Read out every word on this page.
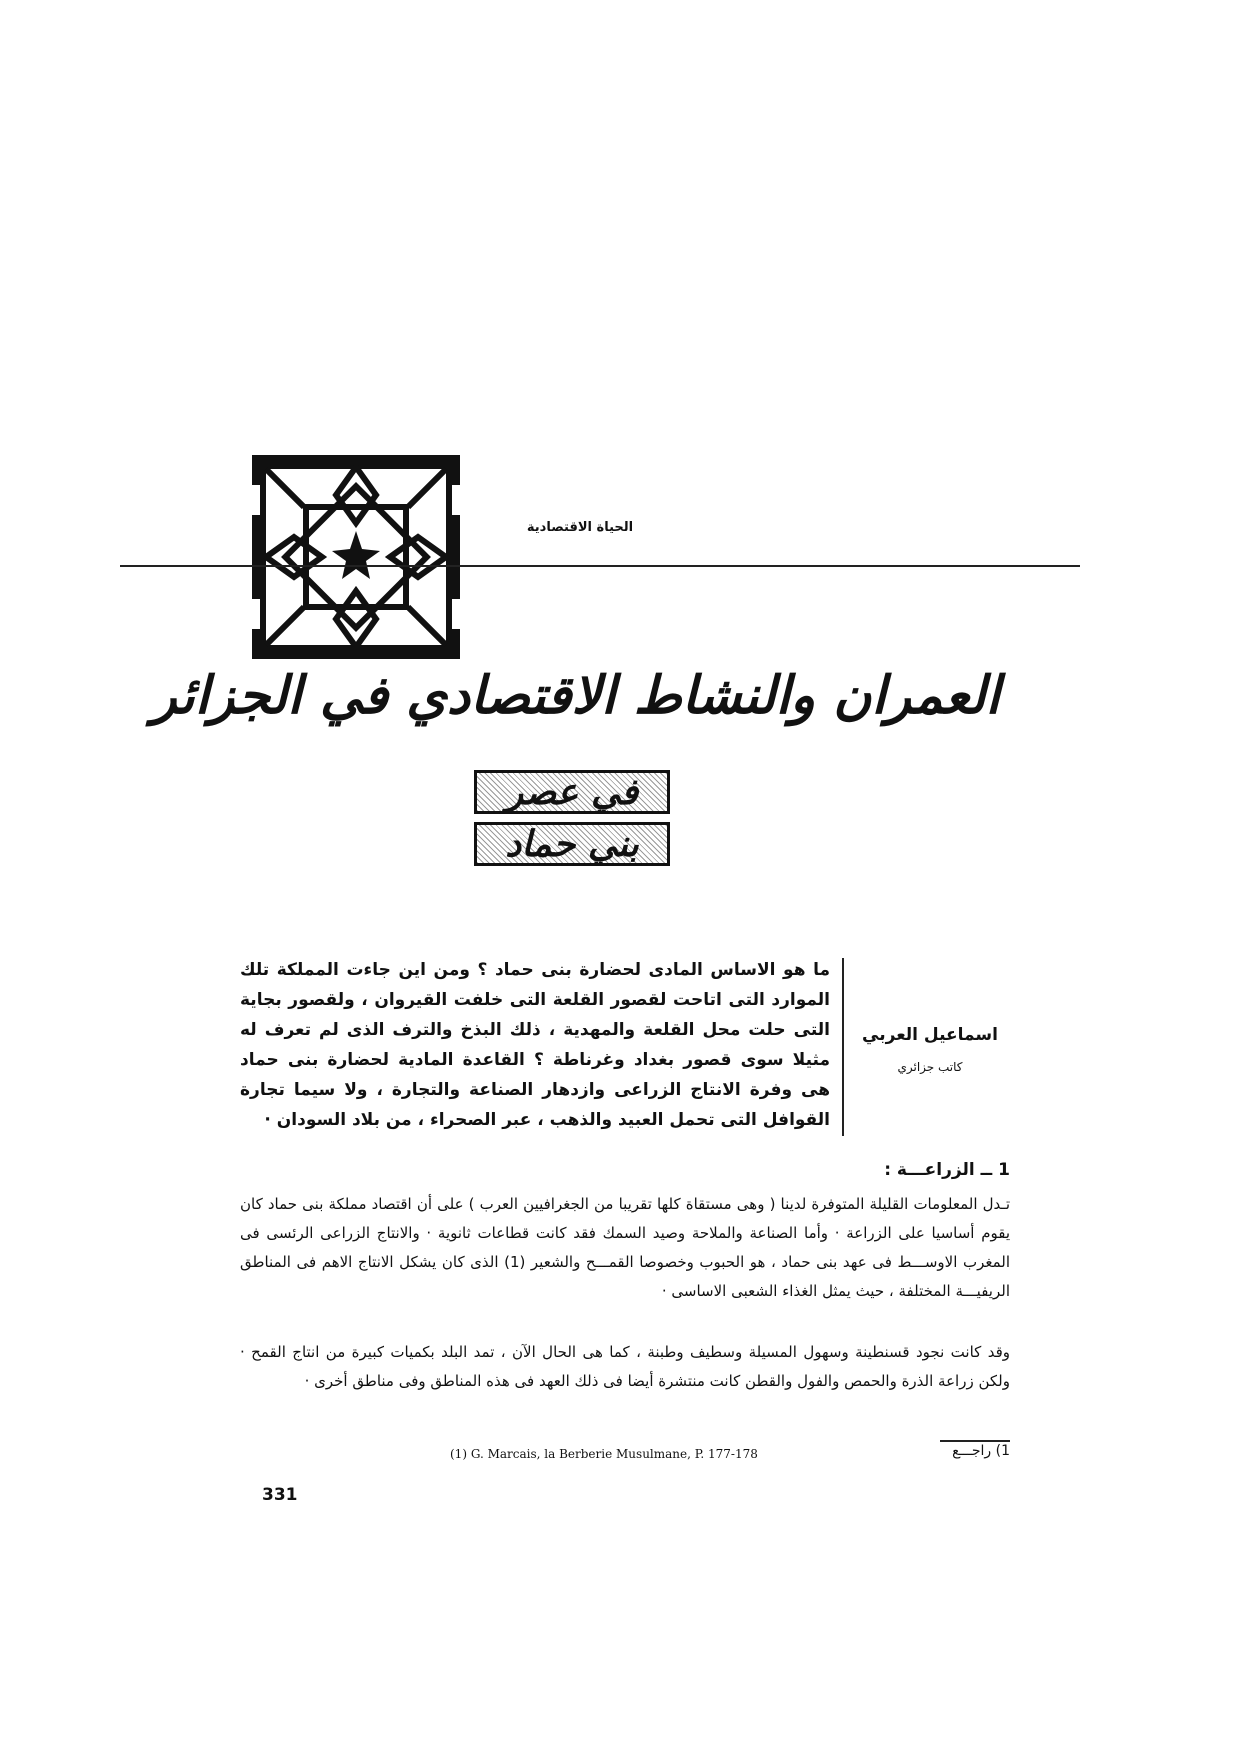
الحياة الاقتصادية
العمران والنشاط الاقتصادي في الجزائر
في عصر
بني حماد
ما هو الاساس المادى لحضارة بنى حماد ؟ ومن اين جاءت المملكة تلك الموارد التى اتاحت لقصور القلعة التى خلفت القيروان ، ولقصور بجاية التى حلت محل القلعة والمهدية ، ذلك البذخ والترف الذى لم تعرف له مثيلا سوى قصور بغداد وغرناطة ؟ القاعدة المادية لحضارة بنى حماد هى وفرة الانتاج الزراعى وازدهار الصناعة والتجارة ، ولا سيما تجارة القوافل التى تحمل العبيد والذهب ، عبر الصحراء ، من بلاد السودان ·
اسماعيل العربي
كاتب جزائري
1 ــ الزراعـــة :
تـدل المعلومات القليلة المتوفرة لدينا ( وهى مستقاة كلها تقريبا من الجغرافيين العرب ) على أن اقتصاد مملكة بنى حماد كان يقوم أساسيا على الزراعة · وأما الصناعة والملاحة وصيد السمك فقد كانت قطاعات ثانوية · والانتاج الزراعى الرئسى فى المغرب الاوســـط فى عهد بنى حماد ، هو الحبوب وخصوصا القمـــح والشعير (1) الذى كان يشكل الانتاج الاهم فى المناطق الريفيـــة المختلفة ، حيث يمثل الغذاء الشعبى الاساسى ·
وقد كانت نجود قسنطينة وسهول المسيلة وسطيف وطبنة ، كما هى الحال الآن ، تمد البلد بكميات كبيرة من انتاج القمح · ولكن زراعة الذرة والحمص والفول والقطن كانت منتشرة أيضا فى ذلك العهد فى هذه المناطق وفى مناطق أخرى ·
1) راجـــع
(1) G. Marcais, la Berberie Musulmane, P. 177-178
331
